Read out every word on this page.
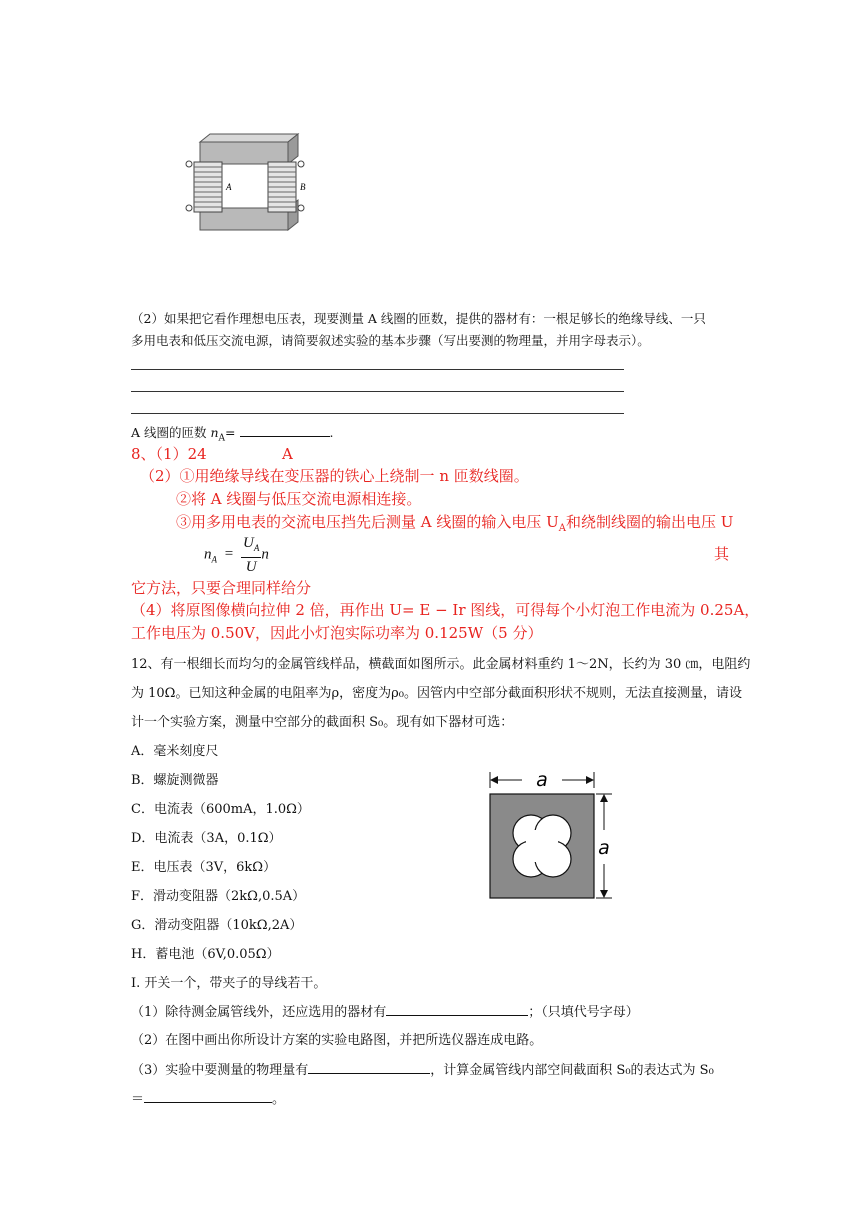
A	B
（2）如果把它看作理想电压表，现要测量 A 线圈的匝数，提供的器材有：一根足够长的绝缘导线、一只
多用电表和低压交流电源，请简要叙述实验的基本步骤（写出要测的物理量，并用字母表示）。
A 线圈的匝数 $n_A=$	.
8、（1）24	A
（2）①用绝缘导线在变压器的铁心上绕制一 n 匝数线圈。
②将 A 线圈与低压交流电源相连接。
③用多用电表的交流电压挡先后测量 A 线圈的输入电压 $U_A$和绕制线圈的输出电压 U
$n_A = \frac{U_A}{U}$ n	其
它方法，只要合理同样给分
（4）将原图像横向拉伸 2 倍，再作出 U= E − Ir 图线，可得每个小灯泡工作电流为 0.25A，
工作电压为 0.50V，因此小灯泡实际功率为 0.125W（5 分）
12、有一根细长而均匀的金属管线样品，横截面如图所示。此金属材料重约 1～2N，长约为 30 ㎝，电阻约
为 10Ω。已知这种金属的电阻率为ρ，密度为ρ₀。因管内中空部分截面积形状不规则，无法直接测量，请设
计一个实验方案，测量中空部分的截面积 S₀。现有如下器材可选：
A．毫米刻度尺
B．螺旋测微器
C．电流表（600mA，1.0Ω）
D．电流表（3A，0.1Ω）
E．电压表（3V，6kΩ）
F．滑动变阻器（2kΩ,0.5A）
G．滑动变阻器（10kΩ,2A）
H．蓄电池（6V,0.05Ω）
I. 开关一个，带夹子的导线若干。
a
a
（1）除待测金属管线外，还应选用的器材有	；（只填代号字母）
（2）在图中画出你所设计方案的实验电路图，并把所选仪器连成电路。
（3）实验中要测量的物理量有	，计算金属管线内部空间截面积 S₀的表达式为 S₀
＝	。
